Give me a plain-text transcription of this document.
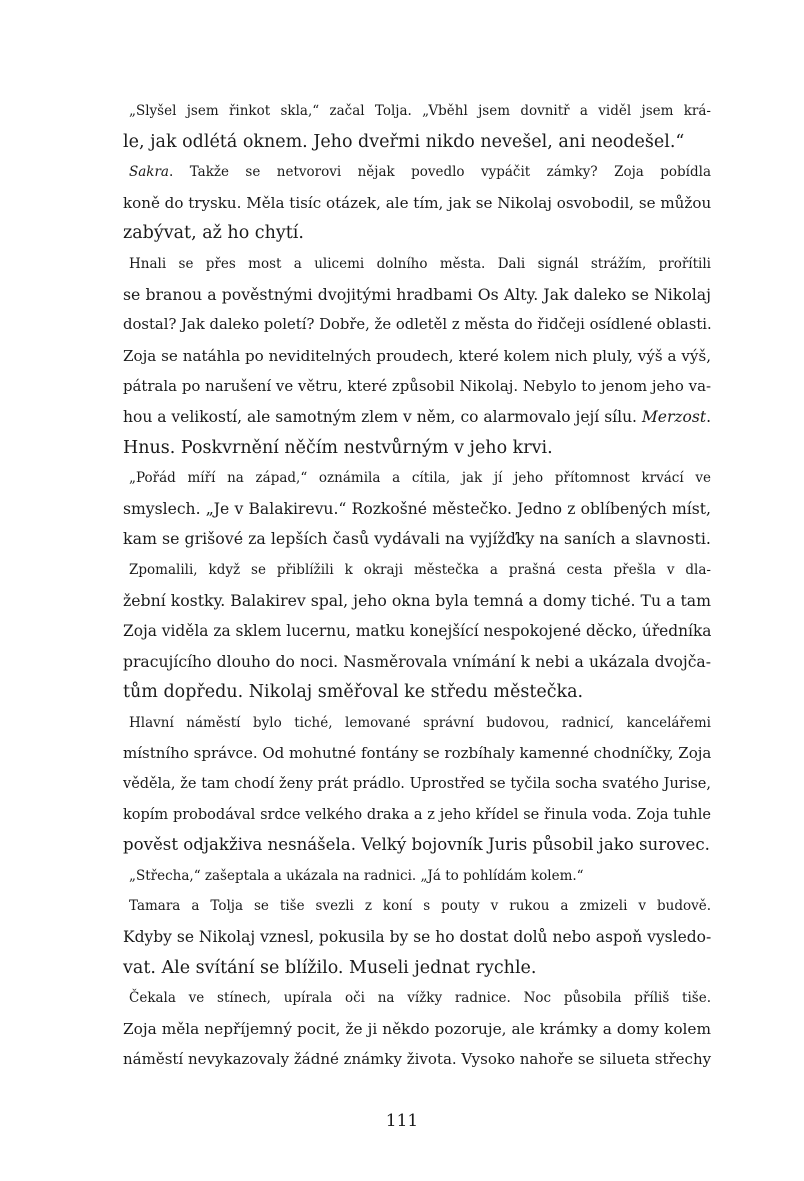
„Slyšel jsem řinkot skla,“ začal Tolja. „Vběhl jsem dovnitř a viděl jsem krá-
le, jak odlétá oknem. Jeho dveřmi nikdo nevešel, ani neodešel.“
Sakra. Takže se netvorovi nějak povedlo vypáčit zámky? Zoja pobídla
koně do trysku. Měla tisíc otázek, ale tím, jak se Nikolaj osvobodil, se můžou
zabývat, až ho chytí.
Hnali se přes most a ulicemi dolního města. Dali signál strážím, prořítili
se branou a pověstnými dvojitými hradbami Os Alty. Jak daleko se Nikolaj
dostal? Jak daleko poletí? Dobře, že odletěl z města do řidčeji osídlené oblasti.
Zoja se natáhla po neviditelných proudech, které kolem nich pluly, výš a výš,
pátrala po narušení ve větru, které způsobil Nikolaj. Nebylo to jenom jeho va-
hou a velikostí, ale samotným zlem v něm, co alarmovalo její sílu. Merzost.
Hnus. Poskvrnění něčím nestvůrným v jeho krvi.
„Pořád míří na západ,“ oznámila a cítila, jak jí jeho přítomnost krvácí ve
smyslech. „Je v Balakirevu.“ Rozkošné městečko. Jedno z oblíbených míst,
kam se grišové za lepších časů vydávali na vyjížďky na saních a slavnosti.
Zpomalili, když se přiblížili k okraji městečka a prašná cesta přešla v dla-
žební kostky. Balakirev spal, jeho okna byla temná a domy tiché. Tu a tam
Zoja viděla za sklem lucernu, matku konejšící nespokojené děcko, úředníka
pracujícího dlouho do noci. Nasměrovala vnímání k nebi a ukázala dvojča-
tům dopředu. Nikolaj směřoval ke středu městečka.
Hlavní náměstí bylo tiché, lemované správní budovou, radnicí, kancelářemi
místního správce. Od mohutné fontány se rozbíhaly kamenné chodníčky, Zoja
věděla, že tam chodí ženy prát prádlo. Uprostřed se tyčila socha svatého Jurise,
kopím probodával srdce velkého draka a z jeho křídel se řinula voda. Zoja tuhle
pověst odjakživa nesnášela. Velký bojovník Juris působil jako surovec.
„Střecha,“ zašeptala a ukázala na radnici. „Já to pohlídám kolem.“
Tamara a Tolja se tiše svezli z koní s pouty v rukou a zmizeli v budově.
Kdyby se Nikolaj vznesl, pokusila by se ho dostat dolů nebo aspoň vysledo-
vat. Ale svítání se blížilo. Museli jednat rychle.
Čekala ve stínech, upírala oči na vížky radnice. Noc působila příliš tiše.
Zoja měla nepříjemný pocit, že ji někdo pozoruje, ale krámky a domy kolem
náměstí nevykazovaly žádné známky života. Vysoko nahoře se silueta střechy
111
